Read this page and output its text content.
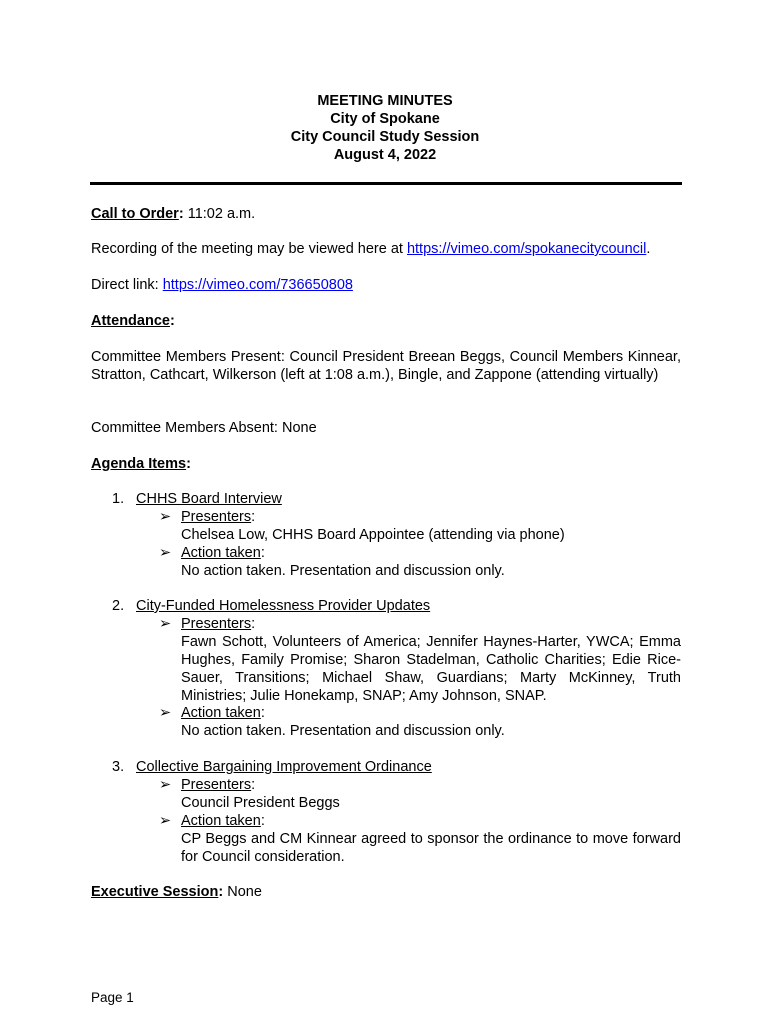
MEETING MINUTES
City of Spokane
City Council Study Session
August 4, 2022
Call to Order: 11:02 a.m.
Recording of the meeting may be viewed here at https://vimeo.com/spokanecitycouncil.
Direct link: https://vimeo.com/736650808
Attendance:
Committee Members Present: Council President Breean Beggs, Council Members Kinnear, Stratton, Cathcart, Wilkerson (left at 1:08 a.m.), Bingle, and Zappone (attending virtually)
Committee Members Absent: None
Agenda Items:
1. CHHS Board Interview
➢ Presenters:
Chelsea Low, CHHS Board Appointee (attending via phone)
➢ Action taken:
No action taken. Presentation and discussion only.
2. City-Funded Homelessness Provider Updates
➢ Presenters:
Fawn Schott, Volunteers of America; Jennifer Haynes-Harter, YWCA; Emma Hughes, Family Promise; Sharon Stadelman, Catholic Charities; Edie Rice-Sauer, Transitions; Michael Shaw, Guardians; Marty McKinney, Truth Ministries; Julie Honekamp, SNAP; Amy Johnson, SNAP.
➢ Action taken:
No action taken. Presentation and discussion only.
3. Collective Bargaining Improvement Ordinance
➢ Presenters:
Council President Beggs
➢ Action taken:
CP Beggs and CM Kinnear agreed to sponsor the ordinance to move forward for Council consideration.
Executive Session: None
Page 1
